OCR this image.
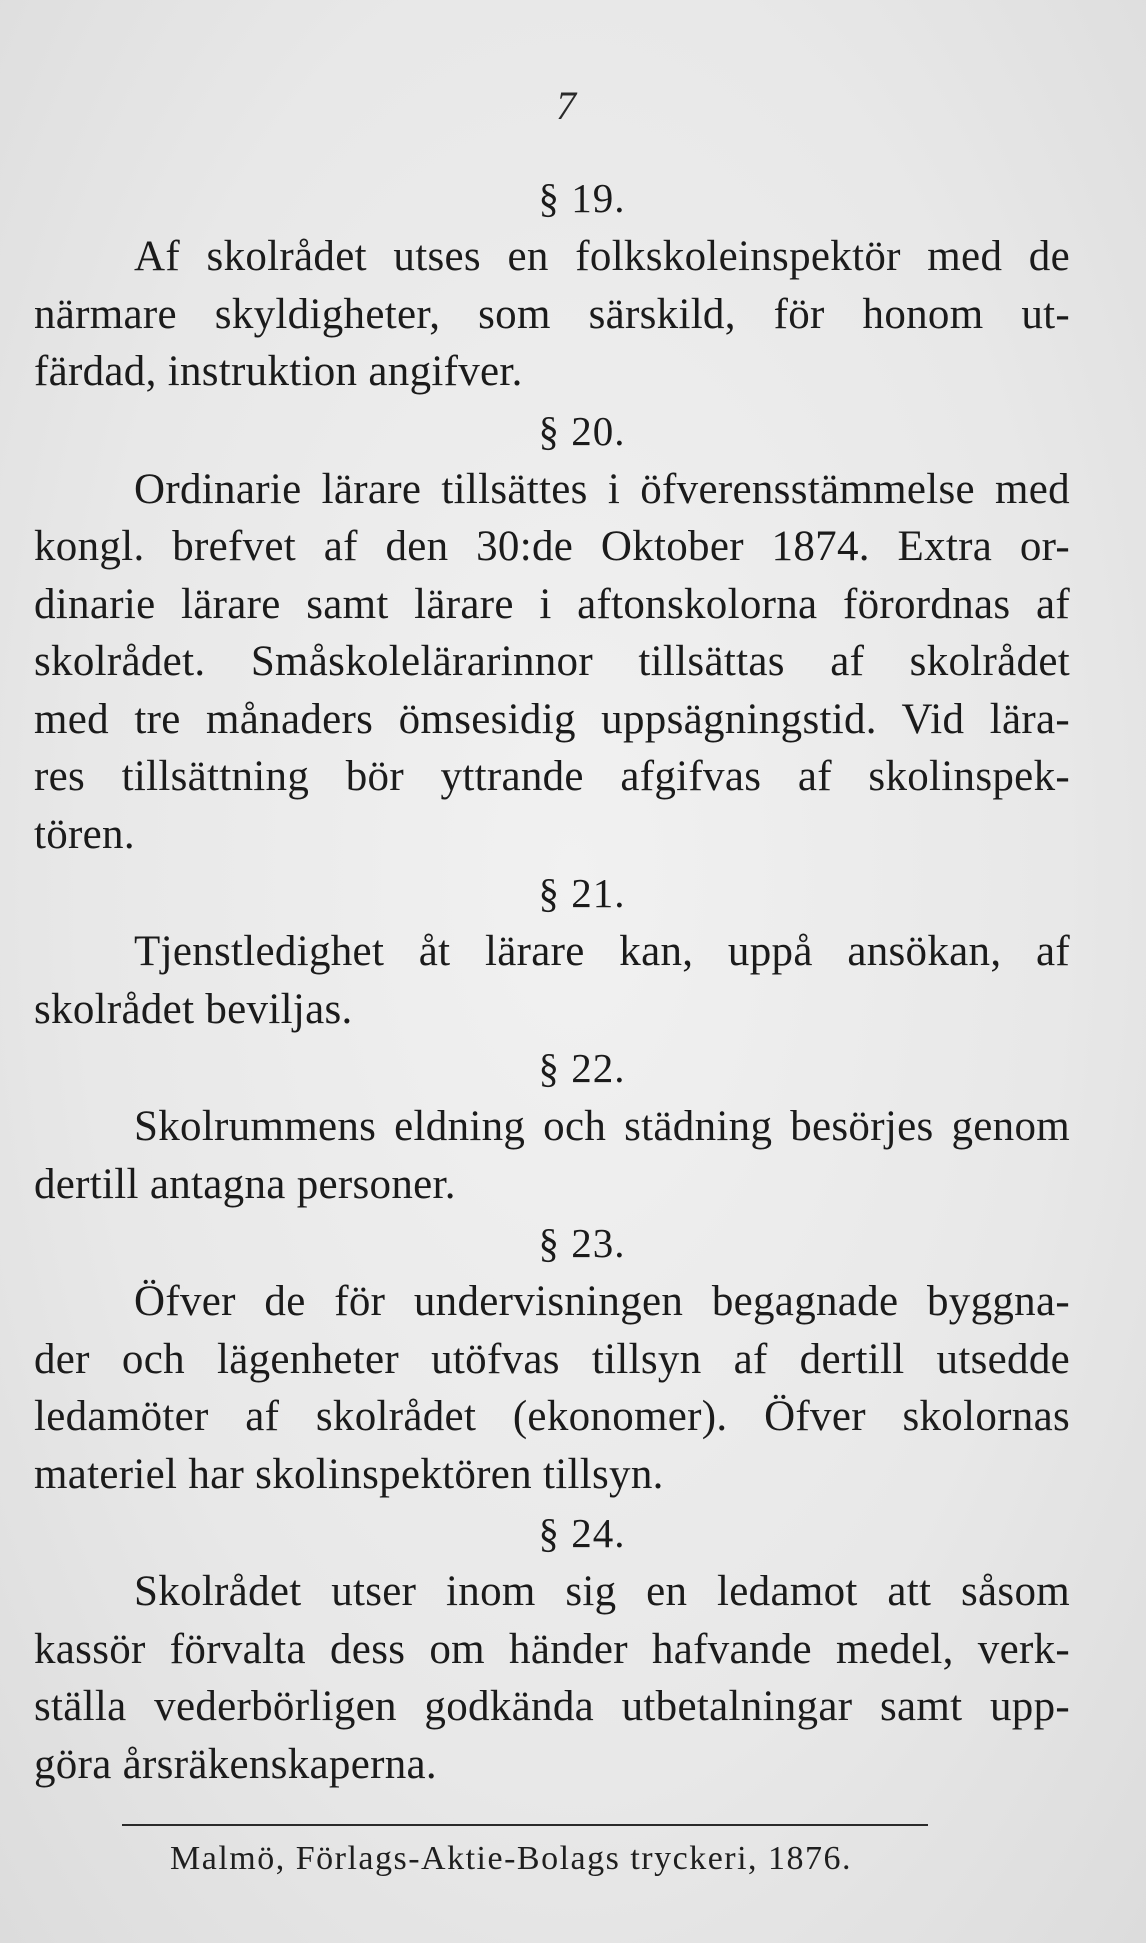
7
§ 19.
Af skolrådet utses en folkskoleinspektör med de
närmare skyldigheter, som särskild, för honom ut-
färdad, instruktion angifver.
§ 20.
Ordinarie lärare tillsättes i öfverensstämmelse med
kongl. brefvet af den 30:de Oktober 1874. Extra or-
dinarie lärare samt lärare i aftonskolorna förordnas af
skolrådet. Småskolelärarinnor tillsättas af skolrådet
med tre månaders ömsesidig uppsägningstid. Vid lära-
res tillsättning bör yttrande afgifvas af skolinspek-
tören.
§ 21.
Tjenstledighet åt lärare kan, uppå ansökan, af
skolrådet beviljas.
§ 22.
Skolrummens eldning och städning besörjes genom
dertill antagna personer.
§ 23.
Öfver de för undervisningen begagnade byggna-
der och lägenheter utöfvas tillsyn af dertill utsedde
ledamöter af skolrådet (ekonomer). Öfver skolornas
materiel har skolinspektören tillsyn.
§ 24.
Skolrådet utser inom sig en ledamot att såsom
kassör förvalta dess om händer hafvande medel, verk-
ställa vederbörligen godkända utbetalningar samt upp-
göra årsräkenskaperna.
Malmö, Förlags-Aktie-Bolags tryckeri, 1876.
